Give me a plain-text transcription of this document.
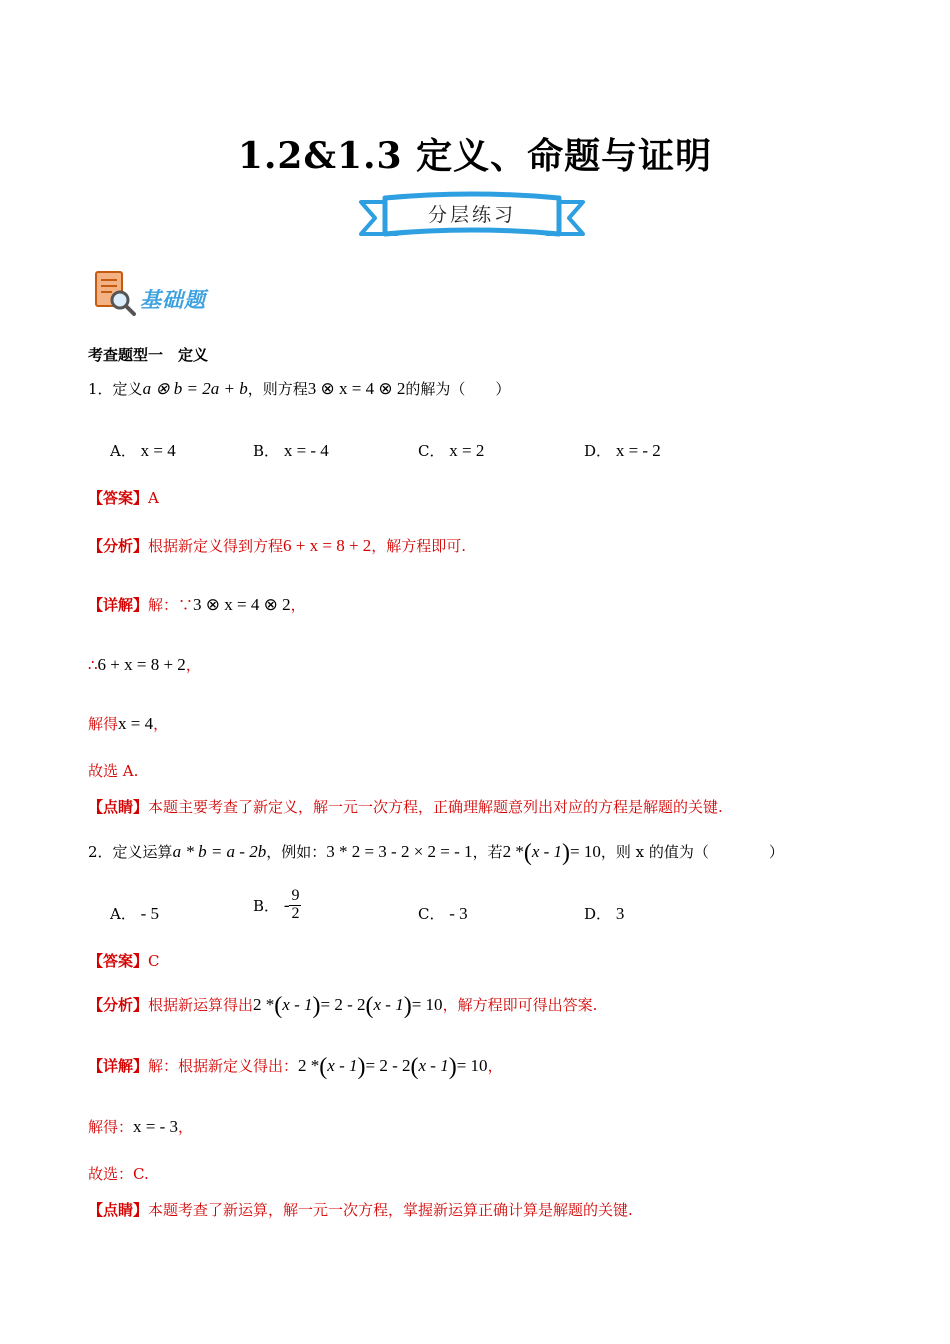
1.2&1.3 定义、命题与证明
分层练习
基础题
考查题型一　定义
1．定义a ⊗ b = 2a + b，则方程3 ⊗ x = 4 ⊗ 2的解为（　　）
A． x = 4	B． x = - 4	C． x = 2	D． x = - 2
【答案】A
【分析】根据新定义得到方程6 + x = 8 + 2，解方程即可.
【详解】解：∵3 ⊗ x = 4 ⊗ 2，
∴6 + x = 8 + 2，
解得x = 4，
故选 A.
【点睛】本题主要考查了新定义，解一元一次方程，正确理解题意列出对应的方程是解题的关键.
2．定义运算a * b = a - 2b，例如：3 * 2 = 3 - 2 × 2 = - 1，若2 *(x - 1)= 10，则 x 的值为（　　　　）
A． - 5	B． - $\frac{9}{2}$	C． - 3	D． 3
【答案】C
【分析】根据新运算得出2 *(x - 1)= 2 - 2(x - 1)= 10，解方程即可得出答案.
【详解】解：根据新定义得出：2 *(x - 1)= 2 - 2(x - 1)= 10，
解得：x = - 3，
故选：C.
【点睛】本题考查了新运算，解一元一次方程，掌握新运算正确计算是解题的关键.
